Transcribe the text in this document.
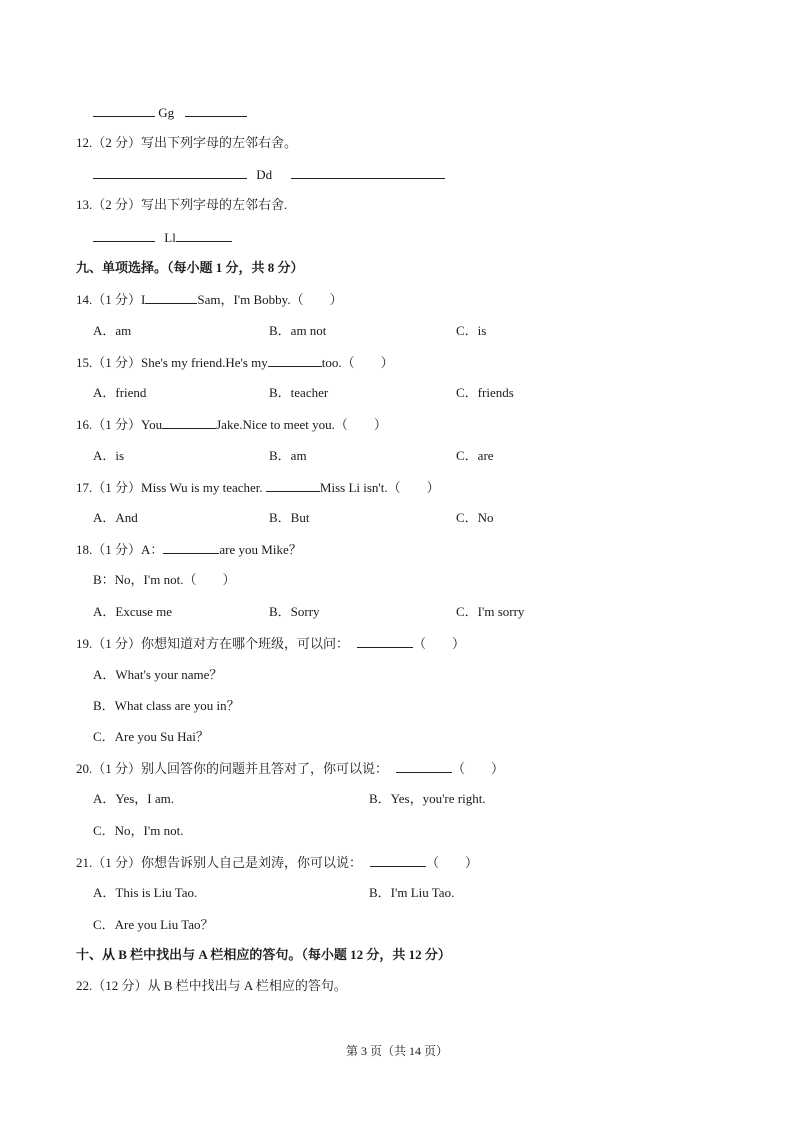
Gg
12.（2 分）写出下列字母的左邻右舍。
Dd
13.（2 分）写出下列字母的左邻右舍.
Ll
九、单项选择。（每小题 1 分，共 8 分）
14.（1 分）I	Sam，I'm Bobby.（　　）
A．am	B．am not	C．is
15.（1 分）She's my friend.He's my	too.（　　）
A．friend	B．teacher	C．friends
16.（1 分）You	Jake.Nice to meet you.（　　）
A．is	B．am	C．are
17.（1 分）Miss Wu is my teacher.	Miss Li isn't.（　　）
A．And	B．But	C．No
18.（1 分）A：	are you Mike？
B：No，I'm not.（　　）
A．Excuse me	B．Sorry	C．I'm sorry
19.（1 分）你想知道对方在哪个班级，可以问：	（　　）
A．What's your name？
B．What class are you in？
C．Are you Su Hai？
20.（1 分）别人回答你的问题并且答对了，你可以说：	（　　）
A．Yes，I am.	B．Yes，you're right.
C．No，I'm not.
21.（1 分）你想告诉别人自己是刘涛，你可以说：	（　　）
A．This is Liu Tao.	B．I'm Liu Tao.
C．Are you Liu Tao？
十、从 B 栏中找出与 A 栏相应的答句。（每小题 12 分，共 12 分）
22.（12 分）从 B 栏中找出与 A 栏相应的答句。
第 3 页（共 14 页）
